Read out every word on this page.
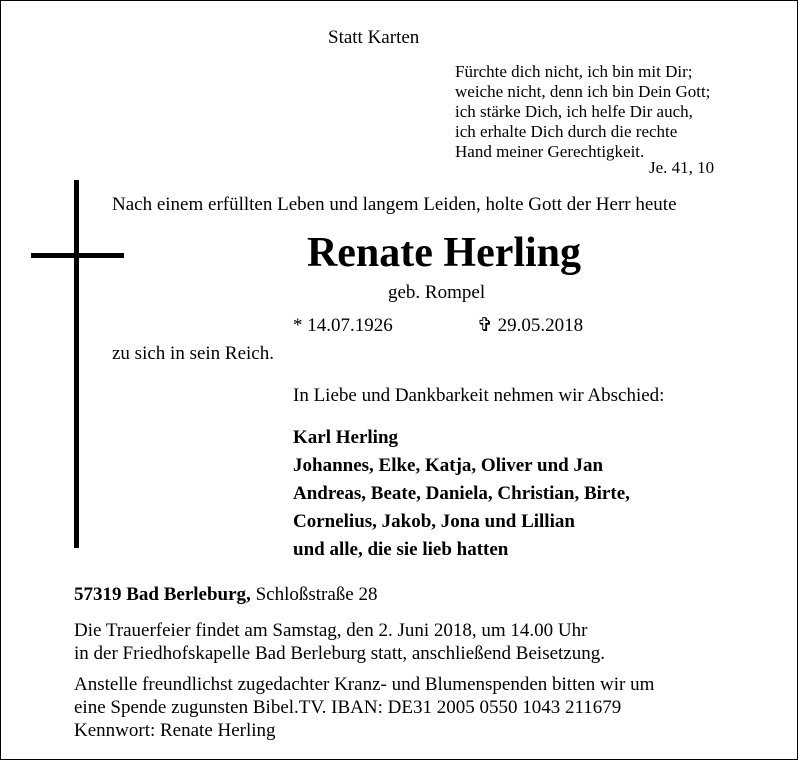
Statt Karten
Fürchte dich nicht, ich bin mit Dir;
weiche nicht, denn ich bin Dein Gott;
ich stärke Dich, ich helfe Dir auch,
ich erhalte Dich durch die rechte
Hand meiner Gerechtigkeit.
Je. 41, 10
Nach einem erfüllten Leben und langem Leiden, holte Gott der Herr heute
Renate Herling
geb. Rompel
* 14.07.1926	✞ 29.05.2018
zu sich in sein Reich.
In Liebe und Dankbarkeit nehmen wir Abschied:
Karl Herling
Johannes, Elke, Katja, Oliver und Jan
Andreas, Beate, Daniela, Christian, Birte,
Cornelius, Jakob, Jona und Lillian
und alle, die sie lieb hatten
57319 Bad Berleburg, Schloßstraße 28
Die Trauerfeier findet am Samstag, den 2. Juni 2018, um 14.00 Uhr
in der Friedhofskapelle Bad Berleburg statt, anschließend Beisetzung.
Anstelle freundlichst zugedachter Kranz- und Blumenspenden bitten wir um
eine Spende zugunsten Bibel.TV. IBAN: DE31 2005 0550 1043 211679
Kennwort: Renate Herling
